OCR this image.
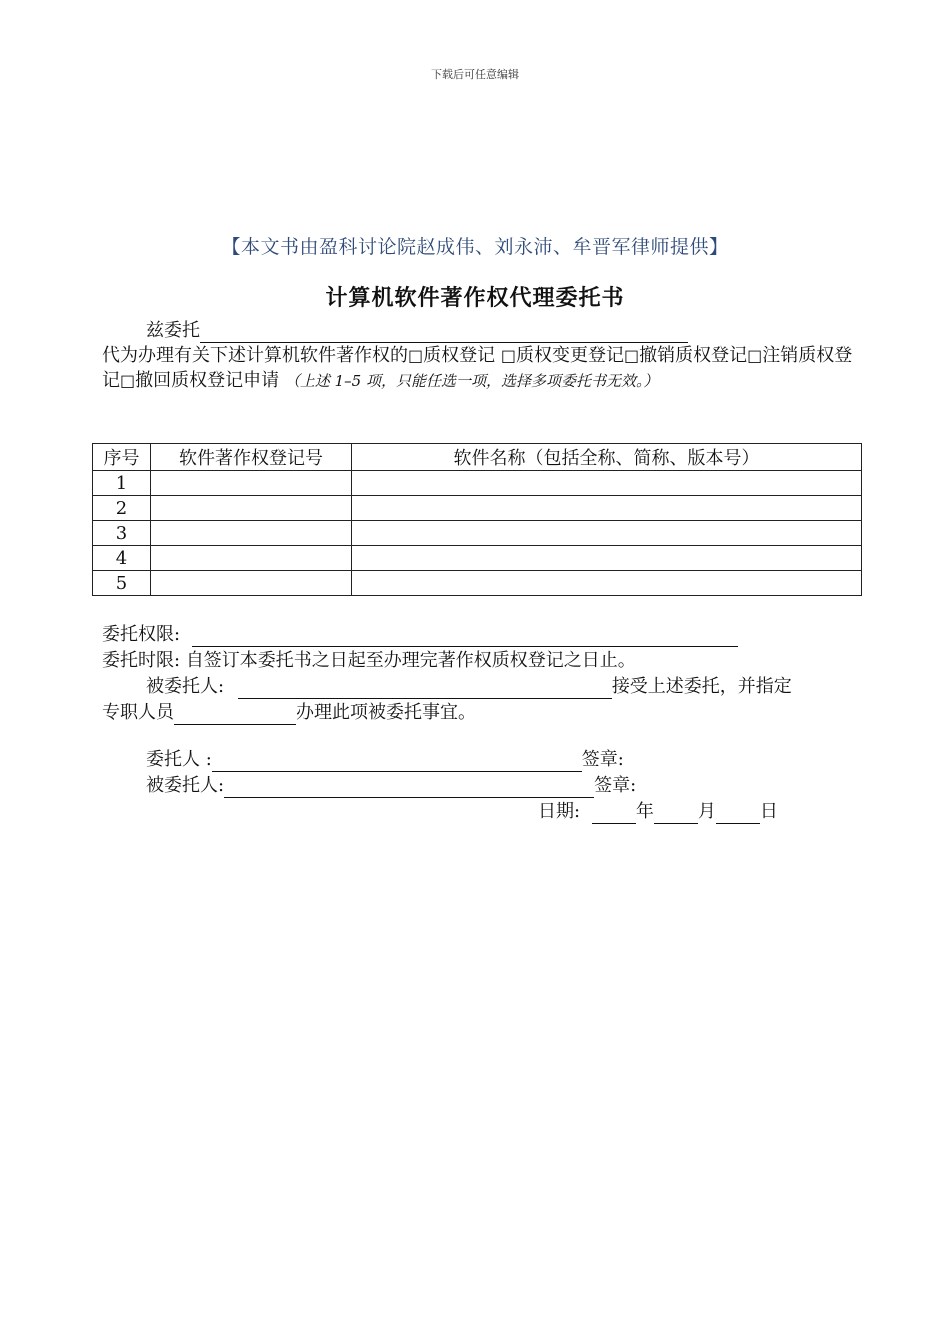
下载后可任意编辑
【本文书由盈科讨论院赵成伟、刘永沛、牟晋军律师提供】
计算机软件著作权代理委托书
兹委托
代为办理有关下述计算机软件著作权的□质权登记 □质权变更登记□撤销质权登记□注销质权登记□撤回质权登记申请 （上述 1–5 项，只能任选一项，选择多项委托书无效。）
序号	软件著作权登记号	软件名称（包括全称、简称、版本号）
1		
2		
3		
4		
5		
委托权限:
委托时限: 自签订本委托书之日起至办理完著作权质权登记之日止。
被委托人:	接受上述委托，并指定
专职人员	办理此项被委托事宜。
委托人 :	签章:
被委托人:	签章:
日期:	年 月 日
